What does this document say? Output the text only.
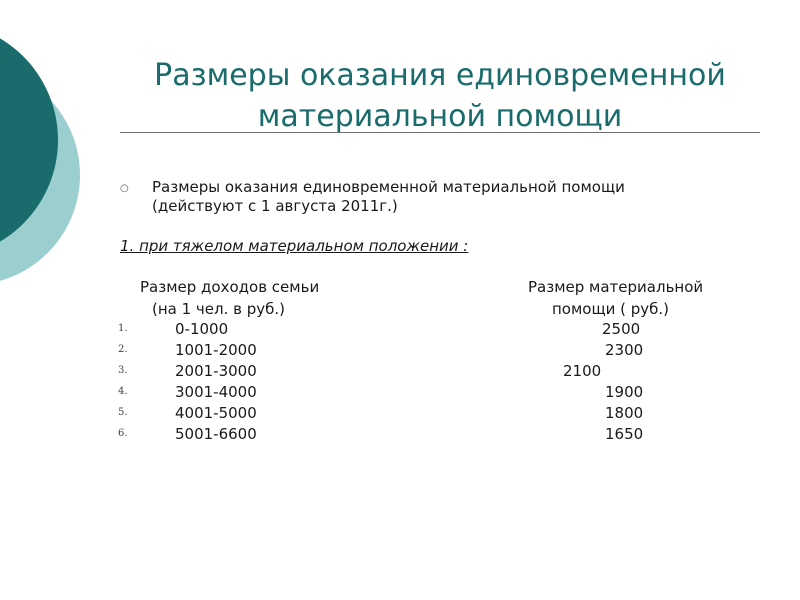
Размеры оказания единовременной
материальной помощи
○ Размеры оказания единовременной материальной помощи
(действуют с 1 августа 2011г.)
1. при тяжелом материальном положении :
Размер доходов семьи
(на 1 чел. в руб.)
Размер материальной
помощи ( руб.)
1.	0-1000	2500
2.	1001-2000	2300
3.	2001-3000	2100
4.	3001-4000	1900
5.	4001-5000	1800
6.	5001-6600	1650
